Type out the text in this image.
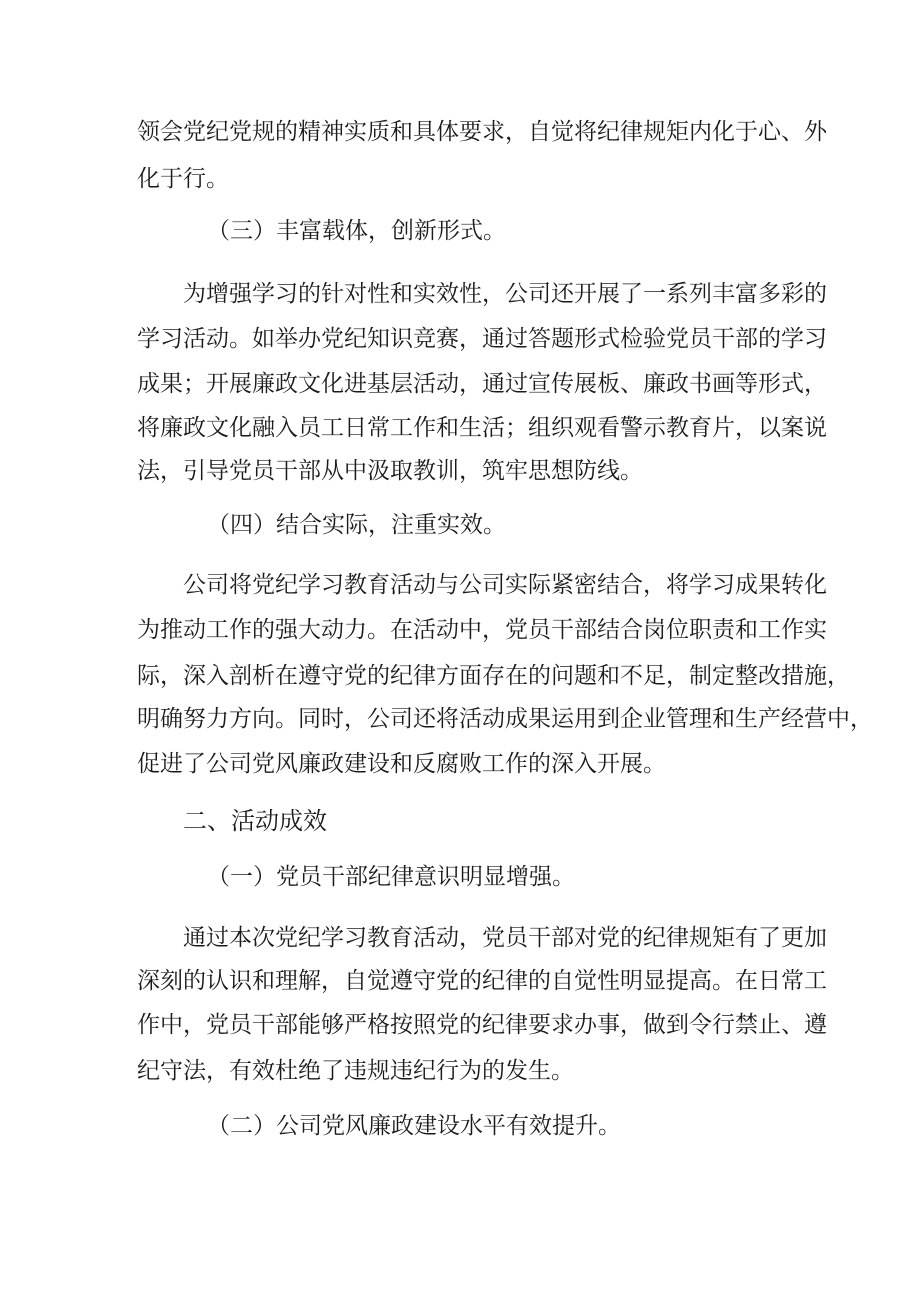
领会党纪党规的精神实质和具体要求，自觉将纪律规矩内化于心、外
化于行。
（三）丰富载体，创新形式。
为增强学习的针对性和实效性，公司还开展了一系列丰富多彩的
学习活动。如举办党纪知识竞赛，通过答题形式检验党员干部的学习
成果；开展廉政文化进基层活动，通过宣传展板、廉政书画等形式，
将廉政文化融入员工日常工作和生活；组织观看警示教育片，以案说
法，引导党员干部从中汲取教训，筑牢思想防线。
（四）结合实际，注重实效。
公司将党纪学习教育活动与公司实际紧密结合，将学习成果转化
为推动工作的强大动力。在活动中，党员干部结合岗位职责和工作实
际，深入剖析在遵守党的纪律方面存在的问题和不足，制定整改措施，
明确努力方向。同时，公司还将活动成果运用到企业管理和生产经营中，
促进了公司党风廉政建设和反腐败工作的深入开展。
二、活动成效
（一）党员干部纪律意识明显增强。
通过本次党纪学习教育活动，党员干部对党的纪律规矩有了更加
深刻的认识和理解，自觉遵守党的纪律的自觉性明显提高。在日常工
作中，党员干部能够严格按照党的纪律要求办事，做到令行禁止、遵
纪守法，有效杜绝了违规违纪行为的发生。
（二）公司党风廉政建设水平有效提升。
